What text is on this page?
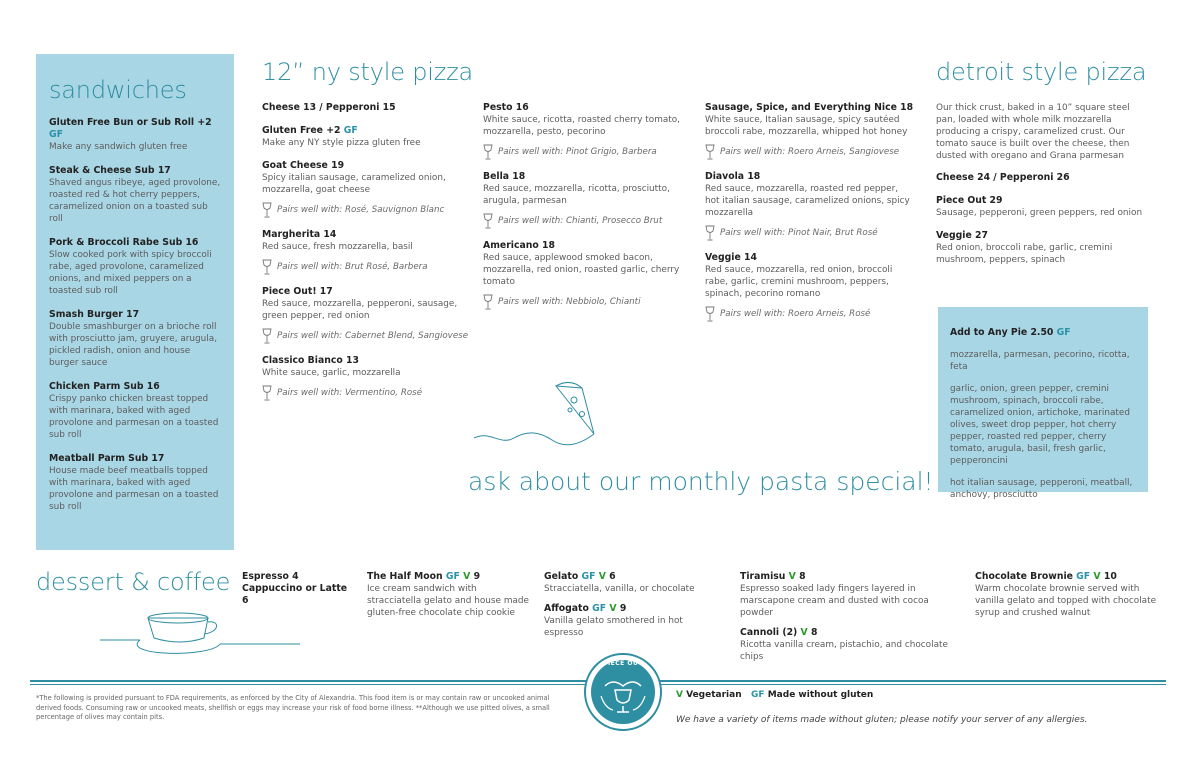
sandwiches
Gluten Free Bun or Sub Roll +2 GF
Make any sandwich gluten free
Steak & Cheese Sub 17
Shaved angus ribeye, aged provolone, roasted red & hot cherry peppers, caramelized onion on a toasted sub roll
Pork & Broccoli Rabe Sub 16
Slow cooked pork with spicy broccoli rabe, aged provolone, caramelized onions, and mixed peppers on a toasted sub roll
Smash Burger 17
Double smashburger on a brioche roll with prosciutto jam, gruyere, arugula, pickled radish, onion and house burger sauce
Chicken Parm Sub 16
Crispy panko chicken breast topped with marinara, baked with aged provolone and parmesan on a toasted sub roll
Meatball Parm Sub 17
House made beef meatballs topped with marinara, baked with aged provolone and parmesan on a toasted sub roll
12” ny style pizza
Cheese 13 / Pepperoni 15
Gluten Free +2 GF
Make any NY style pizza gluten free
Goat Cheese 19
Spicy italian sausage, caramelized onion, mozzarella, goat cheese
Pairs well with: Rosé, Sauvignon Blanc
Margherita 14
Red sauce, fresh mozzarella, basil
Pairs well with: Brut Rosé, Barbera
Piece Out! 17
Red sauce, mozzarella, pepperoni, sausage, green pepper, red onion
Pairs well with: Cabernet Blend, Sangiovese
Classico Bianco 13
White sauce, garlic, mozzarella
Pairs well with: Vermentino, Rosé
Pesto 16
White sauce, ricotta, roasted cherry tomato, mozzarella, pesto, pecorino
Pairs well with: Pinot Grigio, Barbera
Bella 18
Red sauce, mozzarella, ricotta, prosciutto, arugula, parmesan
Pairs well with: Chianti, Prosecco Brut
Americano 18
Red sauce, applewood smoked bacon, mozzarella, red onion, roasted garlic, cherry tomato
Pairs well with: Nebbiolo, Chianti
Sausage, Spice, and Everything Nice 18
White sauce, Italian sausage, spicy sautéed broccoli rabe, mozzarella, whipped hot honey
Pairs well with: Roero Arneis, Sangiovese
Diavola 18
Red sauce, mozzarella, roasted red pepper, hot italian sausage, caramelized onions, spicy mozzarella
Pairs well with: Pinot Nair, Brut Rosé
Veggie 14
Red sauce, mozzarella, red onion, broccoli rabe, garlic, cremini mushroom, peppers, spinach, pecorino romano
Pairs well with: Roero Arneis, Rosé
detroit style pizza
Our thick crust, baked in a 10” square steel pan, loaded with whole milk mozzarella producing a crispy, caramelized crust. Our tomato sauce is built over the cheese, then dusted with oregano and Grana parmesan
Cheese 24 / Pepperoni 26
Piece Out 29
Sausage, pepperoni, green peppers, red onion
Veggie 27
Red onion, broccoli rabe, garlic, cremini mushroom, peppers, spinach
Add to Any Pie 2.50 GF
mozzarella, parmesan, pecorino, ricotta, feta
garlic, onion, green pepper, cremini mushroom, spinach, broccoli rabe, caramelized onion, artichoke, marinated olives, sweet drop pepper, hot cherry pepper, roasted red pepper, cherry tomato, arugula, basil, fresh garlic, pepperoncini
hot italian sausage, pepperoni, meatball, anchovy, prosciutto
ask about our monthly pasta special!
dessert & coffee Espresso 4
Cappuccino or Latte 6
The Half Moon GF V 9
Ice cream sandwich with stracciatella gelato and house made gluten-free chocolate chip cookie
Gelato GF V 6
Stracciatella, vanilla, or chocolate
Affogato GF V 9
Vanilla gelato smothered in hot espresso
Tiramisu V 8
Espresso soaked lady fingers layered in marscapone cream and dusted with cocoa powder
Cannoli (2) V 8
Ricotta vanilla cream, pistachio, and chocolate chips
Chocolate Brownie GF V 10
Warm chocolate brownie served with vanilla gelato and topped with chocolate syrup and crushed walnut
*The following is provided pursuant to FDA requirements, as enforced by the City of Alexandria. This food item is or may contain raw or uncooked animal derived foods. Consuming raw or uncooked meats, shellfish or eggs may increase your risk of food borne illness. **Although we use pitted olives, a small percentage of olives may contain pits.
PIECE OUT
V Vegetarian GF Made without gluten
We have a variety of items made without gluten; please notify your server of any allergies.
